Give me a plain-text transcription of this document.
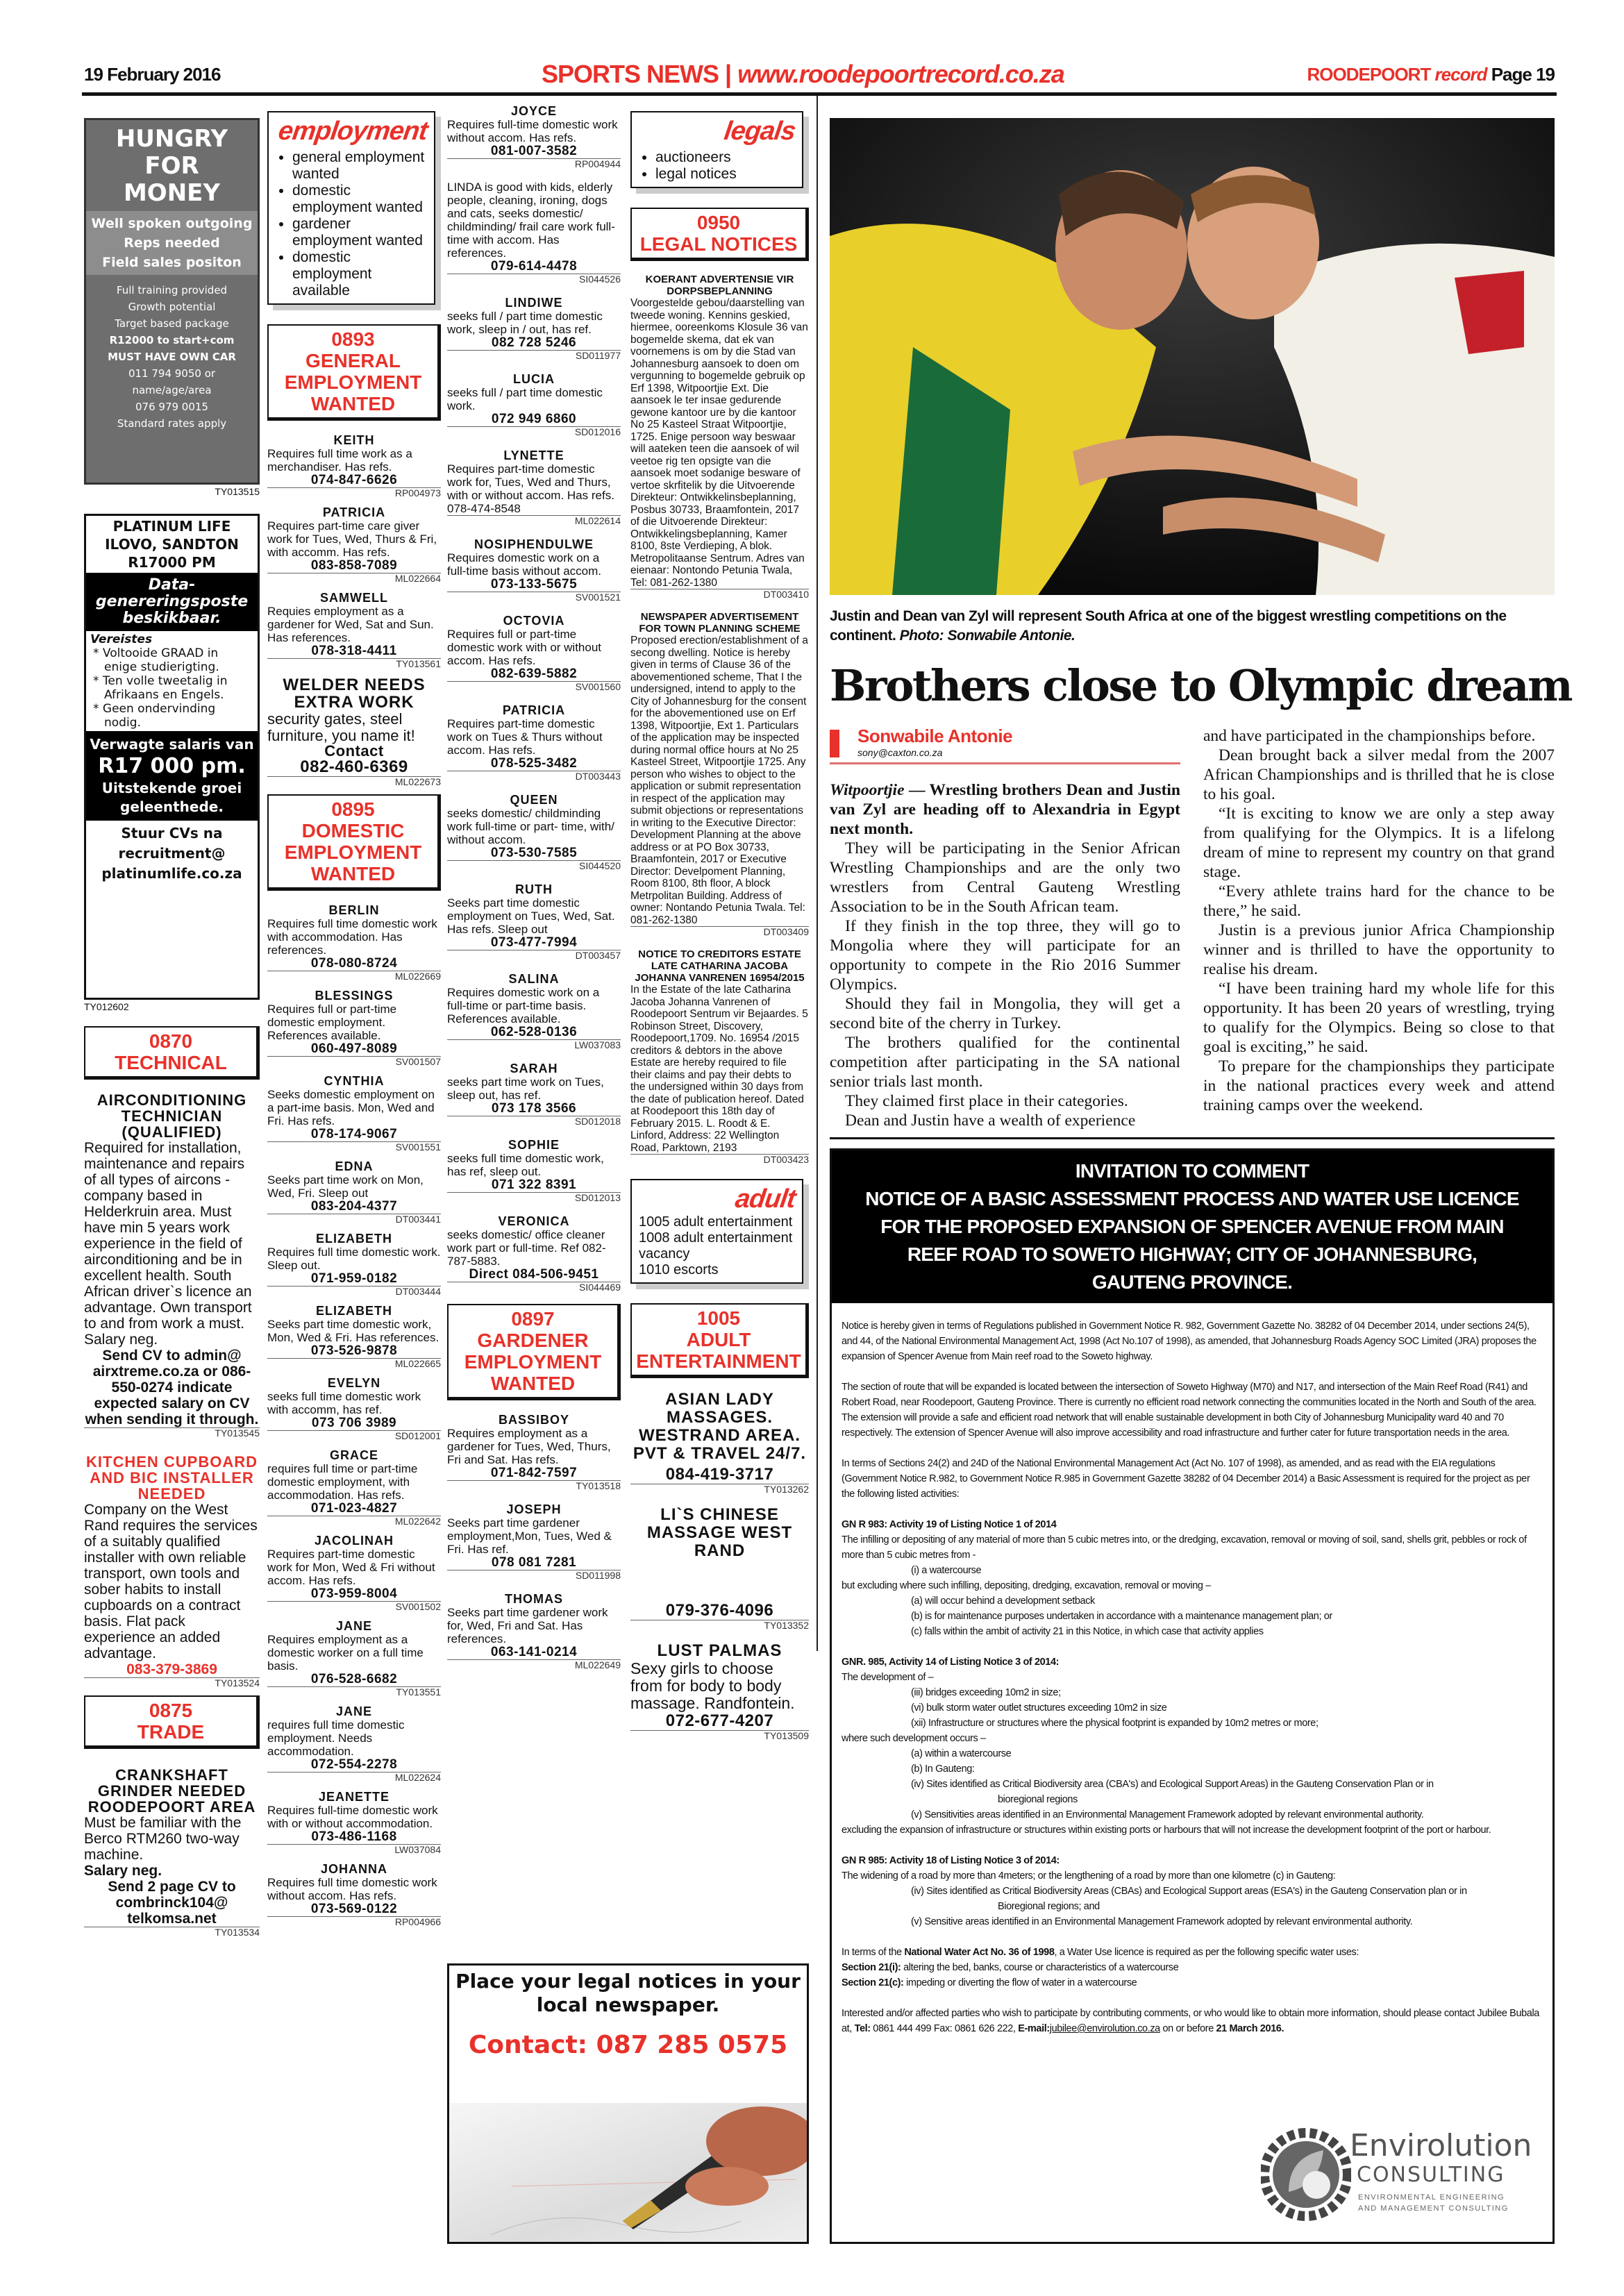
19 February 2016	SPORTS NEWS | www.roodepoortrecord.co.za	ROODEPOORT record Page 19
HUNGRY
FOR
MONEY
Well spoken outgoing
Reps needed
Field sales positon
Full training provided
Growth potential
Target based package
R12000 to start+com
MUST HAVE OWN CAR
011 794 9050 or
name/age/area
076 979 0015
Standard rates apply
TY013515
PLATINUM LIFE
ILOVO, SANDTON
R17000 PM
Data-genereringsposte beskikbaar.
Vereistes
* Voltooide GRAAD in enige studierigting.
* Ten volle tweetalig in Afrikaans en Engels.
* Geen ondervinding nodig.
Verwagte salaris van
R17 000 pm.
Uitstekende groei geleenthede.
Stuur CVs na recruitment@ platinumlife.co.za
TY012602
0870
TECHNICAL
AIRCONDITIONING TECHNICIAN (QUALIFIED)
Required for installation, maintenance and repairs of all types of aircons - company based in Helderkruin area. Must have min 5 years work experience in the field of airconditioning and be in excellent health. South African driver`s licence an advantage. Own transport to and from work a must. Salary neg.
Send CV to admin@ airxtreme.co.za or 086-550-0274 indicate expected salary on CV when sending it through.
TY013545
KITCHEN CUPBOARD AND BIC INSTALLER NEEDED
Company on the West Rand requires the services of a suitably qualified installer with own reliable transport, own tools and sober habits to install cupboards on a contract basis. Flat pack experience an added advantage.
083-379-3869
TY013524
0875
TRADE
CRANKSHAFT GRINDER NEEDED ROODEPOORT AREA
Must be familiar with the Berco RTM260 two-way machine.
Salary neg.
Send 2 page CV to combrinck104@ telkomsa.net
TY013534
employment
• general employment wanted
• domestic employment wanted
• gardener employment wanted
• domestic employment available
0893
GENERAL EMPLOYMENT WANTED
KEITH
Requires full time work as a merchandiser. Has refs.
074-847-6626
RP004973
PATRICIA
Requires part-time care giver work for Tues, Wed, Thurs & Fri, with accomm. Has refs.
083-858-7089
ML022664
SAMWELL
Requies employment as a gardener for Wed, Sat and Sun. Has references.
078-318-4411
TY013561
WELDER NEEDS EXTRA WORK
security gates, steel furniture, you name it!
Contact
082-460-6369
ML022673
0895
DOMESTIC EMPLOYMENT WANTED
BERLIN
Requires full time domestic work with accommodation. Has references.
078-080-8724
ML022669
BLESSINGS
Requires full or part-time domestic employment. References available.
060-497-8089
SV001507
CYNTHIA
Seeks domestic employment on a part-ime basis. Mon, Wed and Fri. Has refs.
078-174-9067
SV001551
EDNA
Seeks part time work on Mon, Wed, Fri. Sleep out
083-204-4377
DT003441
ELIZABETH
Requires full time domestic work. Sleep out.
071-959-0182
DT003444
ELIZABETH
Seeks part time domestic work, Mon, Wed & Fri. Has references.
073-526-9878
ML022665
EVELYN
seeks full time domestic work with accomm, has ref.
073 706 3989
SD012001
GRACE
requires full time or part-time domestic employment, with accommodation. Has refs.
071-023-4827
ML022642
JACOLINAH
Requires part-time domestic work for Mon, Wed & Fri without accom. Has refs.
073-959-8004
SV001502
JANE
Requires employment as a domestic worker on a full time basis.
076-528-6682
TY013551
JANE
requires full time domestic employment. Needs accommodation.
072-554-2278
ML022624
JEANETTE
Requires full-time domestic work with or without accommodation.
073-486-1168
LW037084
JOHANNA
Requires full time domestic work without accom. Has refs.
073-569-0122
RP004966
JOYCE
Requires full-time domestic work without accom. Has refs.
081-007-3582
RP004944
LINDA is good with kids, elderly people, cleaning, ironing, dogs and cats, seeks domestic/ childminding/ frail care work full-time with accom. Has references.
079-614-4478
SI044526
LINDIWE
seeks full / part time domestic work, sleep in / out, has ref.
082 728 5246
SD011977
LUCIA
seeks full / part time domestic work.
072 949 6860
SD012016
LYNETTE
Requires part-time domestic work for, Tues, Wed and Thurs, with or without accom. Has refs. 078-474-8548
ML022614
NOSIPHENDULWE
Requires domestic work on a full-time basis without accom.
073-133-5675
SV001521
OCTOVIA
Requires full or part-time domestic work with or without accom. Has refs.
082-639-5882
SV001560
PATRICIA
Requires part-time domestic work on Tues & Thurs without accom. Has refs.
078-525-3482
DT003443
QUEEN
seeks domestic/ childminding work full-time or part- time, with/ without accom.
073-530-7585
SI044520
RUTH
Seeks part time domestic employment on Tues, Wed, Sat. Has refs. Sleep out
073-477-7994
DT003457
SALINA
Requires domestic work on a full-time or part-time basis. References available.
062-528-0136
LW037083
SARAH
seeks part time work on Tues, sleep out, has ref.
073 178 3566
SD012018
SOPHIE
seeks full time domestic work, has ref, sleep out.
071 322 8391
SD012013
VERONICA
seeks domestic/ office cleaner work part or full-time. Ref 082-787-5883.
Direct 084-506-9451
SI044469
0897
GARDENER EMPLOYMENT WANTED
BASSIBOY
Requires employment as a gardener for Tues, Wed, Thurs, Fri and Sat. Has refs.
071-842-7597
TY013518
JOSEPH
Seeks part time gardener employment,Mon, Tues, Wed & Fri. Has ref.
078 081 7281
SD011998
THOMAS
Seeks part time gardener work for, Wed, Fri and Sat. Has references.
063-141-0214
ML022649
legals
• auctioneers
• legal notices
0950
LEGAL NOTICES
KOERANT ADVERTENSIE VIR DORPSBEPLANNING
Voorgestelde gebou/daarstelling van tweede woning. Kennins geskied, hiermee, ooreenkoms Klosule 36 van bogemelde skema, dat ek van voornemens is om by die Stad van Johannesburg aansoek to doen om vergunning to bogemelde gebruik op Erf 1398, Witpoortjie Ext. Die aansoek le ter insae gedurende gewone kantoor ure by die kantoor No 25 Kasteel Straat Witpoortjie, 1725. Enige persoon way beswaar will aateken teen die aansoek of wil veetoe rig ten opsigte van die aansoek moet sodanige besware of vertoe skrfitelik by die Uitvoerende Direkteur: Ontwikkelinsbeplanning, Posbus 30733, Braamfontein, 2017 of die Uitvoerende Direkteur: Ontwikkelingsbeplanning, Kamer 8100, 8ste Verdieping, A blok. Metropolitaanse Sentrum. Adres van eienaar: Nontondo Petunia Twala, Tel: 081-262-1380
DT003410
NEWSPAPER ADVERTISEMENT FOR TOWN PLANNING SCHEME
Proposed erection/establishment of a secong dwelling. Notice is hereby given in terms of Clause 36 of the abovementioned scheme, That I the undersigned, intend to apply to the City of Johannesburg for the consent for the abovementioned use on Erf 1398, Witpoortjie, Ext 1. Particulars of the application may be inspected during normal office hours at No 25 Kasteel Street, Witpoortjie 1725. Any person who wishes to object to the application or submit representation in respect of the application may submit objections or representations in writing to the Executive Director: Development Planning at the above address or at PO Box 30733, Braamfontein, 2017 or Executive Director: Develpoment Planning, Room 8100, 8th floor, A block Metrpolitan Building. Address of owner: Nontando Petunia Twala. Tel: 081-262-1380
DT003409
NOTICE TO CREDITORS ESTATE LATE CATHARINA JACOBA JOHANNA VANRENEN 16954/2015
In the Estate of the late Catharina Jacoba Johanna Vanrenen of Roodepoort Sentrum vir Bejaardes. 5 Robinson Street, Discovery, Roodepoort,1709. No. 16954 /2015 creditors & debtors in the above Estate are hereby required to file their claims and pay their debts to the undersigned within 30 days from the date of publication hereof. Dated at Roodepoort this 18th day of February 2015. L. Roodt & E. Linford, Address: 22 Wellington Road, Parktown, 2193
DT003423
adult
1005 adult entertainment
1008 adult entertainment vacancy
1010 escorts
1005
ADULT ENTERTAINMENT
ASIAN LADY MASSAGES. WESTRAND AREA. PVT & TRAVEL 24/7.
084-419-3717
TY013262
LI`S CHINESE MASSAGE WEST RAND
079-376-4096
TY013352
LUST PALMAS
Sexy girls to choose from for body to body massage. Randfontein.
072-677-4207
TY013509
Place your legal notices in your local newspaper.
Contact: 087 285 0575
Justin and Dean van Zyl will represent South Africa at one of the biggest wrestling competitions on the continent. Photo: Sonwabile Antonie.
Brothers close to Olympic dream
Sonwabile Antonie
sony@caxton.co.za

Witpoortjie — Wrestling brothers Dean and Justin van Zyl are heading off to Alexandria in Egypt next month.

They will be participating in the Senior African Wrestling Championships and are the only two wrestlers from Central Gauteng Wrestling Association to be in the South African team.

If they finish in the top three, they will go to Mongolia where they will participate for an opportunity to compete in the Rio 2016 Summer Olympics.

Should they fail in Mongolia, they will get a second bite of the cherry in Turkey.

The brothers qualified for the continental competition after participating in the SA national senior trials last month.

They claimed first place in their categories.

Dean and Justin have a wealth of experience

and have participated in the championships before.

Dean brought back a silver medal from the 2007 African Championships and is thrilled that he is close to his goal.

“It is exciting to know we are only a step away from qualifying for the Olympics. It is a lifelong dream of mine to represent my country on that grand stage.

“Every athlete trains hard for the chance to be there,” he said.

Justin is a previous junior Africa Championship winner and is thrilled to have the opportunity to realise his dream.

“I have been training hard my whole life for this opportunity. It has been 20 years of wrestling, trying to qualify for the Olympics. Being so close to that goal is exciting,” he said.

To prepare for the championships they participate in the national practices every week and attend training camps over the weekend.

INVITATION TO COMMENT
NOTICE OF A BASIC ASSESSMENT PROCESS AND WATER USE LICENCE
FOR THE PROPOSED EXPANSION OF SPENCER AVENUE FROM MAIN
REEF ROAD TO SOWETO HIGHWAY; CITY OF JOHANNESBURG,
GAUTENG PROVINCE.

Notice is hereby given in terms of Regulations published in Government Notice R. 982, Government Gazette No. 38282 of 04 December 2014, under sections 24(5), and 44, of the National Environmental Management Act, 1998 (Act No.107 of 1998), as amended, that Johannesburg Roads Agency SOC Limited (JRA) proposes the expansion of Spencer Avenue from Main reef road to the Soweto highway.

The section of route that will be expanded is located between the intersection of Soweto Highway (M70) and N17, and intersection of the Main Reef Road (R41) and Robert Road, near Roodepoort, Gauteng Province. There is currently no efficient road network connecting the communities located in the North and South of the area. The extension will provide a safe and efficient road network that will enable sustainable development in both City of Johannesburg Municipality ward 40 and 70 respectively. The extension of Spencer Avenue will also improve accessibility and road infrastructure and further cater for future transportation needs in the area.

In terms of Sections 24(2) and 24D of the National Environmental Management Act (Act No. 107 of 1998), as amended, and as read with the EIA regulations (Government Notice R.982, to Government Notice R.985 in Government Gazette 38282 of 04 December 2014) a Basic Assessment is required for the project as per the following listed activities:

GN R 983: Activity 19 of Listing Notice 1 of 2014
The infilling or depositing of any material of more than 5 cubic metres into, or the dredging, excavation, removal or moving of soil, sand, shells grit, pebbles or rock of more than 5 cubic metres from -
(i) a watercourse
but excluding where such infilling, depositing, dredging, excavation, removal or moving –
(a) will occur behind a development setback
(b) is for maintenance purposes undertaken in accordance with a maintenance management plan; or
(c) falls within the ambit of activity 21 in this Notice, in which case that activity applies
GNR. 985, Activity 14 of Listing Notice 3 of 2014:
The development of –
(iii) bridges exceeding 10m2 in size;
(vi) bulk storm water outlet structures exceeding 10m2 in size
(xii) Infrastructure or structures where the physical footprint is expanded by 10m2 metres or more;
where such development occurs –
(a) within a watercourse
(b) In Gauteng:
(iv) Sites identified as Critical Biodiversity area (CBA's) and Ecological Support Areas) in the Gauteng Conservation Plan or in
bioregional regions
(v) Sensitivities areas identified in an Environmental Management Framework adopted by relevant environmental authority.
excluding the expansion of infrastructure or structures within existing ports or harbours that will not increase the development footprint of the port or harbour.
GN R 985: Activity 18 of Listing Notice 3 of 2014:
The widening of a road by more than 4meters; or the lengthening of a road by more than one kilometre (c) in Gauteng:
(iv) Sites identified as Critical Biodiversity Areas (CBAs) and Ecological Support areas (ESA's) in the Gauteng Conservation plan or in
Bioregional regions; and
(v) Sensitive areas identified in an Environmental Management Framework adopted by relevant environmental authority.
In terms of the National Water Act No. 36 of 1998, a Water Use licence is required as per the following specific water uses:
Section 21(i): altering the bed, banks, course or characteristics of a watercourse
Section 21(c): impeding or diverting the flow of water in a watercourse
Interested and/or affected parties who wish to participate by contributing comments, or who would like to obtain more information, should please contact Jubilee Bubala at, Tel: 0861 444 499 Fax: 0861 626 222, E-mail:jubilee@envirolution.co.za on or before 21 March 2016.
Envirolution
CONSULTING
ENVIRONMENTAL ENGINEERING
AND MANAGEMENT CONSULTING
